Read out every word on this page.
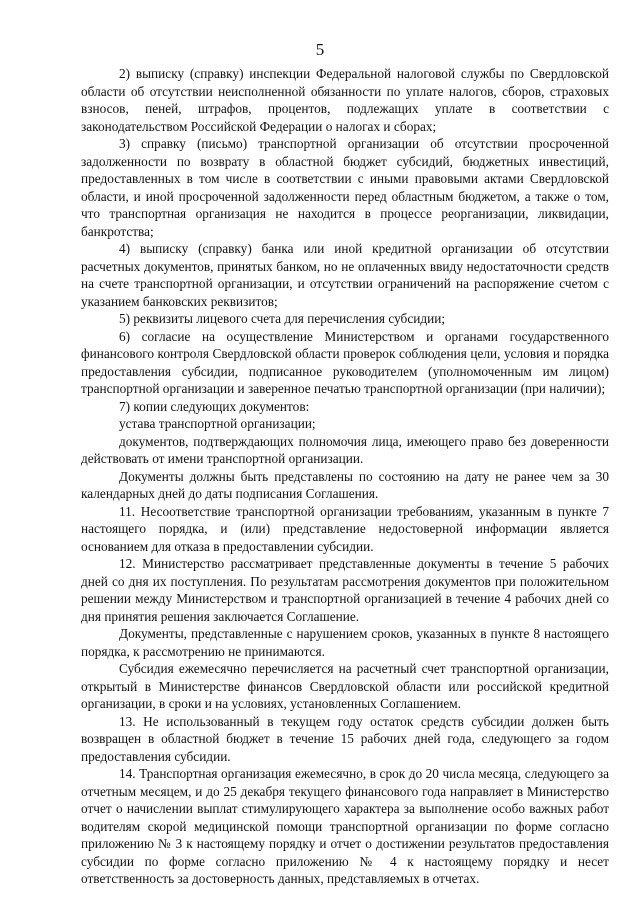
5

2) выписку (справку) инспекции Федеральной налоговой службы по Свердловской области об отсутствии неисполненной обязанности по уплате налогов, сборов, страховых взносов, пеней, штрафов, процентов, подлежащих уплате в соответствии с законодательством Российской Федерации о налогах и сборах;

3) справку (письмо) транспортной организации об отсутствии просроченной задолженности по возврату в областной бюджет субсидий, бюджетных инвестиций, предоставленных в том числе в соответствии с иными правовыми актами Свердловской области, и иной просроченной задолженности перед областным бюджетом, а также о том, что транспортная организация не находится в процессе реорганизации, ликвидации, банкротства;

4) выписку (справку) банка или иной кредитной организации об отсутствии расчетных документов, принятых банком, но не оплаченных ввиду недостаточности средств на счете транспортной организации, и отсутствии ограничений на распоряжение счетом с указанием банковских реквизитов;

5) реквизиты лицевого счета для перечисления субсидии;

6) согласие на осуществление Министерством и органами государственного финансового контроля Свердловской области проверок соблюдения цели, условия и порядка предоставления субсидии, подписанное руководителем (уполномоченным им лицом) транспортной организации и заверенное печатью транспортной организации (при наличии);

7) копии следующих документов:

устава транспортной организации;

документов, подтверждающих полномочия лица, имеющего право без доверенности действовать от имени транспортной организации.

Документы должны быть представлены по состоянию на дату не ранее чем за 30 календарных дней до даты подписания Соглашения.

11. Несоответствие транспортной организации требованиям, указанным в пункте 7 настоящего порядка, и (или) представление недостоверной информации является основанием для отказа в предоставлении субсидии.

12. Министерство рассматривает представленные документы в течение 5 рабочих дней со дня их поступления. По результатам рассмотрения документов при положительном решении между Министерством и транспортной организацией в течение 4 рабочих дней со дня принятия решения заключается Соглашение.

Документы, представленные с нарушением сроков, указанных в пункте 8 настоящего порядка, к рассмотрению не принимаются.

Субсидия ежемесячно перечисляется на расчетный счет транспортной организации, открытый в Министерстве финансов Свердловской области или российской кредитной организации, в сроки и на условиях, установленных Соглашением.

13. Не использованный в текущем году остаток средств субсидии должен быть возвращен в областной бюджет в течение 15 рабочих дней года, следующего за годом предоставления субсидии.

14. Транспортная организация ежемесячно, в срок до 20 числа месяца, следующего за отчетным месяцем, и до 25 декабря текущего финансового года направляет в Министерство отчет о начислении выплат стимулирующего характера за выполнение особо важных работ водителям скорой медицинской помощи транспортной организации по форме согласно приложению № 3 к настоящему порядку и отчет о достижении результатов предоставления субсидии по форме согласно приложению № 4 к настоящему порядку и несет ответственность за достоверность данных, представляемых в отчетах.
